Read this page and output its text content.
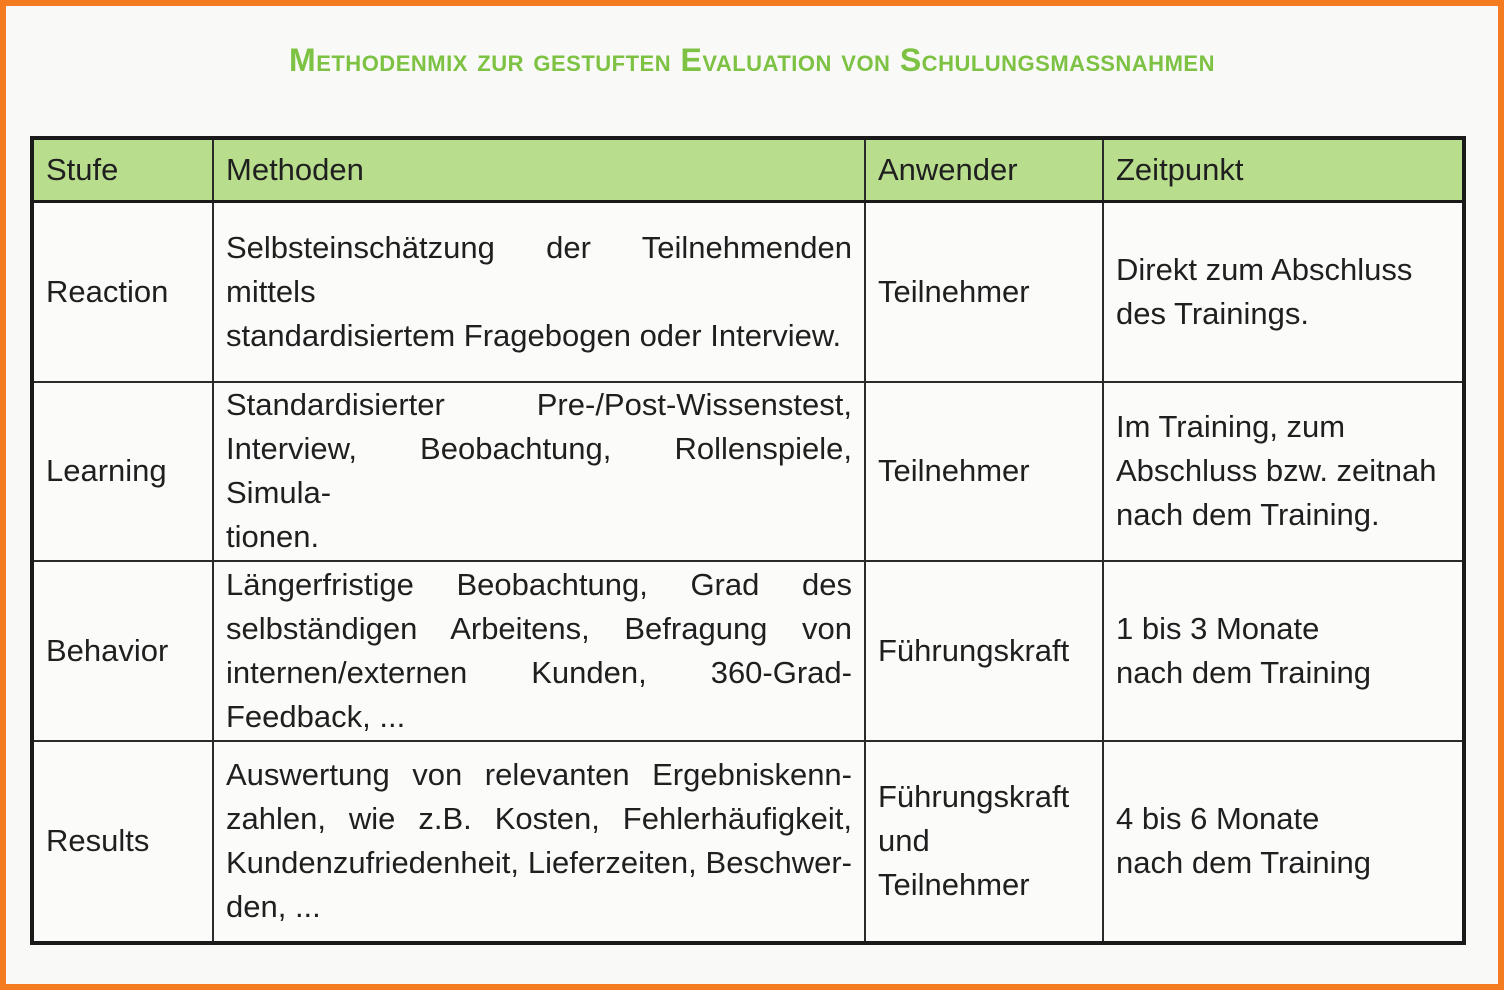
Methodenmix zur gestuften Evaluation von Schulungsmaßnahmen
Stufe	Methoden	Anwender	Zeitpunkt
Reaction	Selbsteinschätzung der Teilnehmenden mittels
standardisiertem Fragebogen oder Interview.	Teilnehmer	Direkt zum Abschluss
des Trainings.

Learning	Standardisierter Pre-/Post-Wissenstest,
Interview, Beobachtung, Rollenspiele, Simula-
tionen.	Teilnehmer	Im Training, zum
Abschluss bzw. zeitnah
nach dem Training.

Behavior	Längerfristige Beobachtung, Grad des
selbständigen Arbeitens, Befragung von
internen/externen Kunden, 360-Grad-
Feedback, ...	Führungskraft	1 bis 3 Monate
nach dem Training

Results	Auswertung von relevanten Ergebniskenn-
zahlen, wie z.B. Kosten, Fehlerhäufigkeit,
Kundenzufriedenheit, Lieferzeiten, Beschwer-
den, ...	Führungskraft
und
Teilnehmer	4 bis 6 Monate
nach dem Training
